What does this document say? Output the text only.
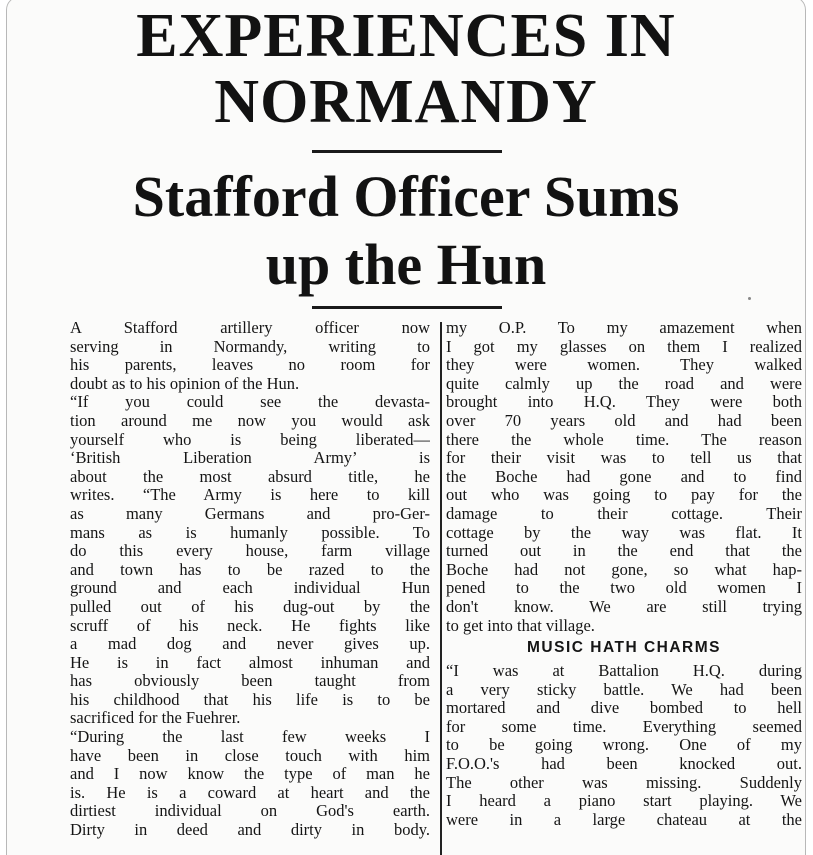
EXPERIENCES IN
NORMANDY
Stafford Officer Sums
up the Hun
A Stafford artillery officer now
serving in Normandy, writing to
his parents, leaves no room for
doubt as to his opinion of the Hun.
“If you could see the devasta-
tion around me now you would ask
yourself who is being liberated—
‘British Liberation Army’ is
about the most absurd title, he
writes. “The Army is here to kill
as many Germans and pro-Ger-
mans as is humanly possible. To
do this every house, farm village
and town has to be razed to the
ground and each individual Hun
pulled out of his dug-out by the
scruff of his neck. He fights like
a mad dog and never gives up.
He is in fact almost inhuman and
has obviously been taught from
his childhood that his life is to be
sacrificed for the Fuehrer.
“During the last few weeks I
have been in close touch with him
and I now know the type of man he
is. He is a coward at heart and the
dirtiest individual on God's earth.
Dirty in deed and dirty in body.
my O.P. To my amazement when
I got my glasses on them I realized
they were women. They walked
quite calmly up the road and were
brought into H.Q. They were both
over 70 years old and had been
there the whole time. The reason
for their visit was to tell us that
the Boche had gone and to find
out who was going to pay for the
damage to their cottage. Their
cottage by the way was flat. It
turned out in the end that the
Boche had not gone, so what hap-
pened to the two old women I
don't know. We are still trying
to get into that village.
MUSIC HATH CHARMS
“I was at Battalion H.Q. during
a very sticky battle. We had been
mortared and dive bombed to hell
for some time. Everything seemed
to be going wrong. One of my
F.O.O.'s had been knocked out.
The other was missing. Suddenly
I heard a piano start playing. We
were in a large chateau at the
